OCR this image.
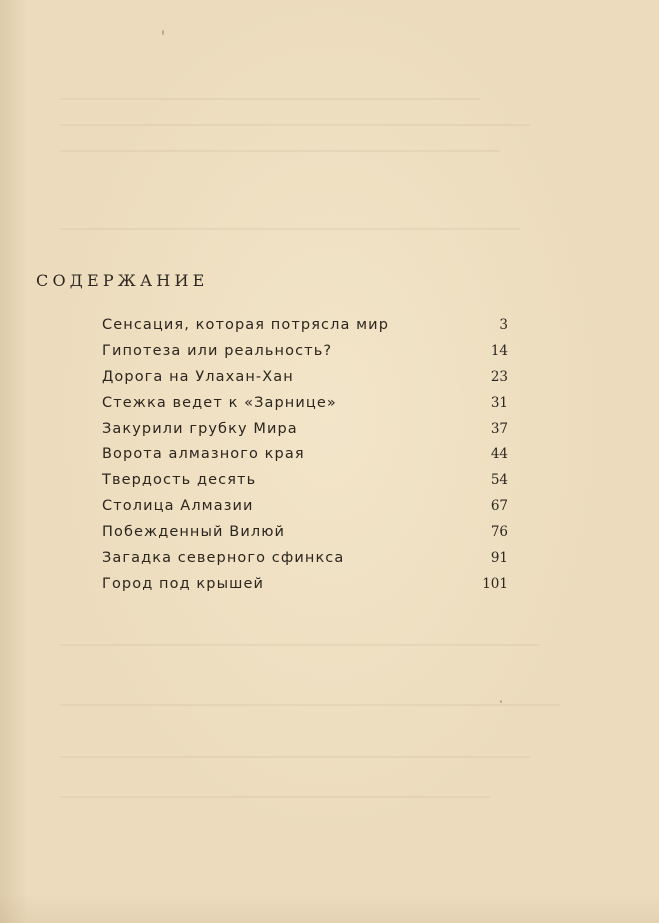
СОДЕРЖАНИЕ
Сенсация, которая потрясла мир	3
Гипотеза или реальность?	14
Дорога на Улахан-Хан	23
Стежка ведет к «Зарнице»	31
Закурили грубку Мира	37
Ворота алмазного края	44
Твердость десять	54
Столица Алмазии	67
Побежденный Вилюй	76
Загадка северного сфинкса	91
Город под крышей	101
